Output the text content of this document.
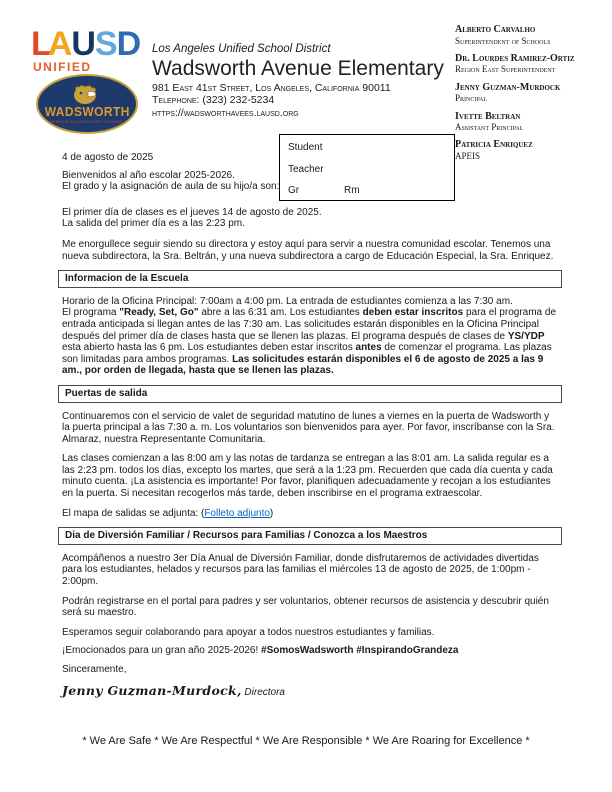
LAUSD
UNIFIED
WADSWORTH
AVENUE ELEMENTARY SCHOOL
Los Angeles Unified School District
Wadsworth Avenue Elementary
981 East 41st Street, Los Angeles, California 90011
Telephone: (323) 232-5234
https://wadsworthavees.lausd.org
Alberto Carvalho
Superintendent of Schools
Dr. Lourdes Ramirez-Ortiz
Region East Superintendent
Jenny Guzman-Murdock
Principal
Ivette Beltran
Assistant Principal
Patricia Enriquez
APEIS
Student
Teacher
Gr	Rm

4 de agosto de 2025

Bienvenidos al año escolar 2025-2026.
El grado y la asignación de aula de su hijo/a son:

El primer día de clases es el jueves 14 de agosto de 2025.
La salida del primer día es a las 2:23 pm.

Me enorgullece seguir siendo su directora y estoy aquí para servir a nuestra comunidad escolar. Tenemos una nueva subdirectora, la Sra. Beltrán, y una nueva subdirectora a cargo de Educación Especial, la Sra. Enriquez.

Informacion de la Escuela

Horario de la Oficina Principal: 7:00am a 4:00 pm. La entrada de estudiantes comienza a las 7:30 am.
El programa "Ready, Set, Go" abre a las 6:31 am. Los estudiantes deben estar inscritos para el programa de entrada anticipada si llegan antes de las 7:30 am. Las solicitudes estarán disponibles en la Oficina Principal después del primer día de clases hasta que se llenen las plazas. El programa después de clases de YS/YDP esta abierto hasta las 6 pm. Los estudiantes deben estar inscritos antes de comenzar el programa. Las plazas son limitadas para ambos programas. Las solicitudes estarán disponibles el 6 de agosto de 2025 a las 9 am., por orden de llegada, hasta que se llenen las plazas.

Puertas de salida

Continuaremos con el servicio de valet de seguridad matutino de lunes a viernes en la puerta de Wadsworth y la puerta principal a las 7:30 a. m. Los voluntarios son bienvenidos para ayer. Por favor, inscríbanse con la Sra. Almaraz, nuestra Representante Comunitaria.

Las clases comienzan a las 8:00 am y las notas de tardanza se entregan a las 8:01 am. La salida regular es a las 2:23 pm. todos los días, excepto los martes, que será a la 1:23 pm. Recuerden que cada día cuenta y cada minuto cuenta. ¡La asistencia es importante! Por favor, planifiquen adecuadamente y recojan a los estudiantes en la puerta. Si necesitan recogerlos más tarde, deben inscribirse en el programa extraescolar.

El mapa de salidas se adjunta: (Folleto adjunto)

Dia de Diversión Familiar / Recursos para Familias / Conozca a los Maestros

Acompáñenos a nuestro 3er Día Anual de Diversión Familiar, donde disfrutaremos de actividades divertidas para los estudiantes, helados y recursos para las familias el miércoles 13 de agosto de 2025, de 1:00pm - 2:00pm.

Podrán registrarse en el portal para padres y ser voluntarios, obtener recursos de asistencia y descubrir quién será su maestro.

Esperamos seguir colaborando para apoyar a todos nuestros estudiantes y familias.

¡Emocionados para un gran año 2025-2026! #SomosWadsworth #InspirandoGrandeza

Sinceramente,

Jenny Guzman-Murdock, Directora

* We Are Safe * We Are Respectful * We Are Responsible * We Are Roaring for Excellence *
